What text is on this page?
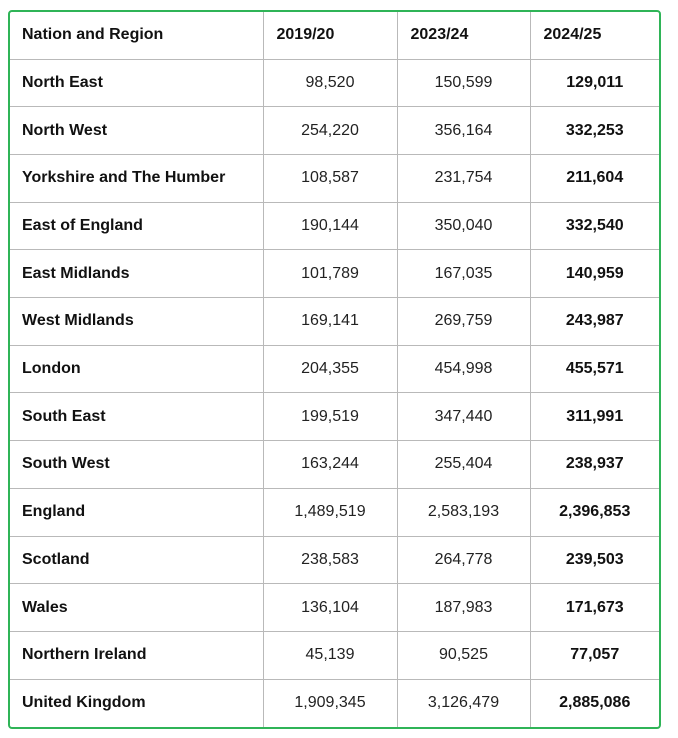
Nation and Region	2019/20	2023/24	2024/25
North East	98,520	150,599	129,011
North West	254,220	356,164	332,253
Yorkshire and The Humber	108,587	231,754	211,604
East of England	190,144	350,040	332,540
East Midlands	101,789	167,035	140,959
West Midlands	169,141	269,759	243,987
London	204,355	454,998	455,571
South East	199,519	347,440	311,991
South West	163,244	255,404	238,937
England	1,489,519	2,583,193	2,396,853
Scotland	238,583	264,778	239,503
Wales	136,104	187,983	171,673
Northern Ireland	45,139	90,525	77,057
United Kingdom	1,909,345	3,126,479	2,885,086
